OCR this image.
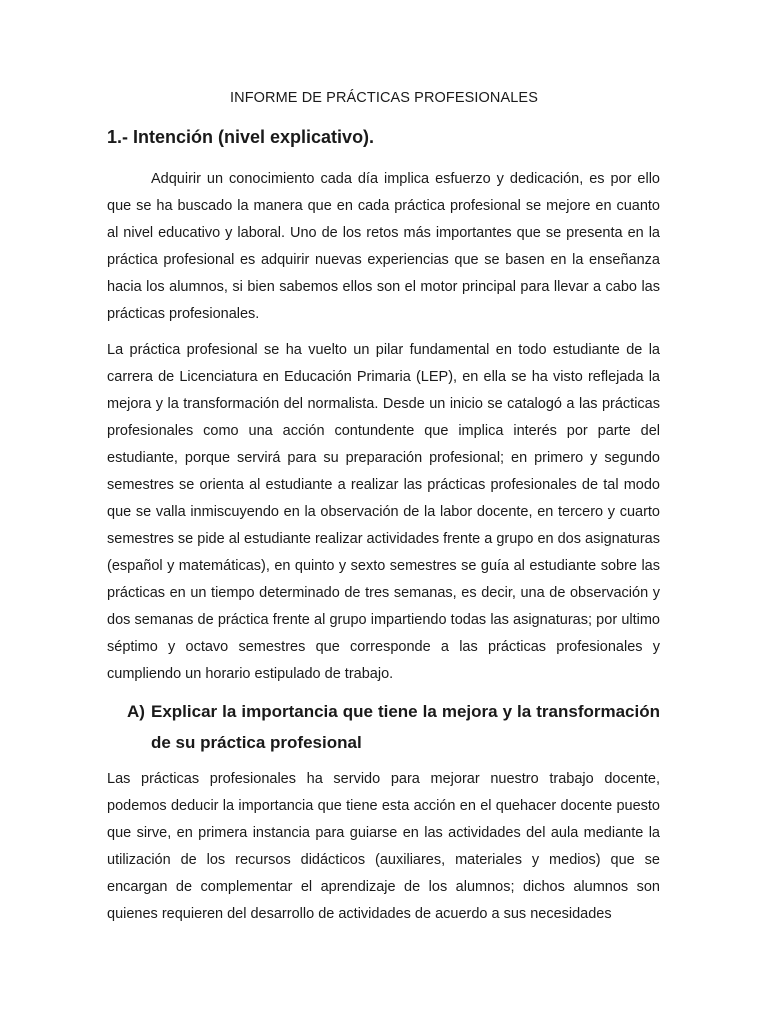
INFORME DE PRÁCTICAS PROFESIONALES
1.- Intención (nivel explicativo).

Adquirir un conocimiento cada día implica esfuerzo y dedicación, es por ello que se ha buscado la manera que en cada práctica profesional se mejore en cuanto al nivel educativo y laboral. Uno de los retos más importantes que se presenta en la práctica profesional es adquirir nuevas experiencias que se basen en la enseñanza hacia los alumnos, si bien sabemos ellos son el motor principal para llevar a cabo las prácticas profesionales.

La práctica profesional se ha vuelto un pilar fundamental en todo estudiante de la carrera de Licenciatura en Educación Primaria (LEP), en ella se ha visto reflejada la mejora y la transformación del normalista. Desde un inicio se catalogó a las prácticas profesionales como una acción contundente que implica interés por parte del estudiante, porque servirá para su preparación profesional; en primero y segundo semestres se orienta al estudiante a realizar las prácticas profesionales de tal modo que se valla inmiscuyendo en la observación de la labor docente, en tercero y cuarto semestres se pide al estudiante realizar actividades frente a grupo en dos asignaturas (español y matemáticas), en quinto y sexto semestres se guía al estudiante sobre las prácticas en un tiempo determinado de tres semanas, es decir, una de observación y dos semanas de práctica frente al grupo impartiendo todas las asignaturas; por ultimo séptimo y octavo semestres que corresponde a las prácticas profesionales y cumpliendo un horario estipulado de trabajo.

A) Explicar la importancia que tiene la mejora y la transformación de su práctica profesional

Las prácticas profesionales ha servido para mejorar nuestro trabajo docente, podemos deducir la importancia que tiene esta acción en el quehacer docente puesto que sirve, en primera instancia para guiarse en las actividades del aula mediante la utilización de los recursos didácticos (auxiliares, materiales y medios) que se encargan de complementar el aprendizaje de los alumnos; dichos alumnos son quienes requieren del desarrollo de actividades de acuerdo a sus necesidades
